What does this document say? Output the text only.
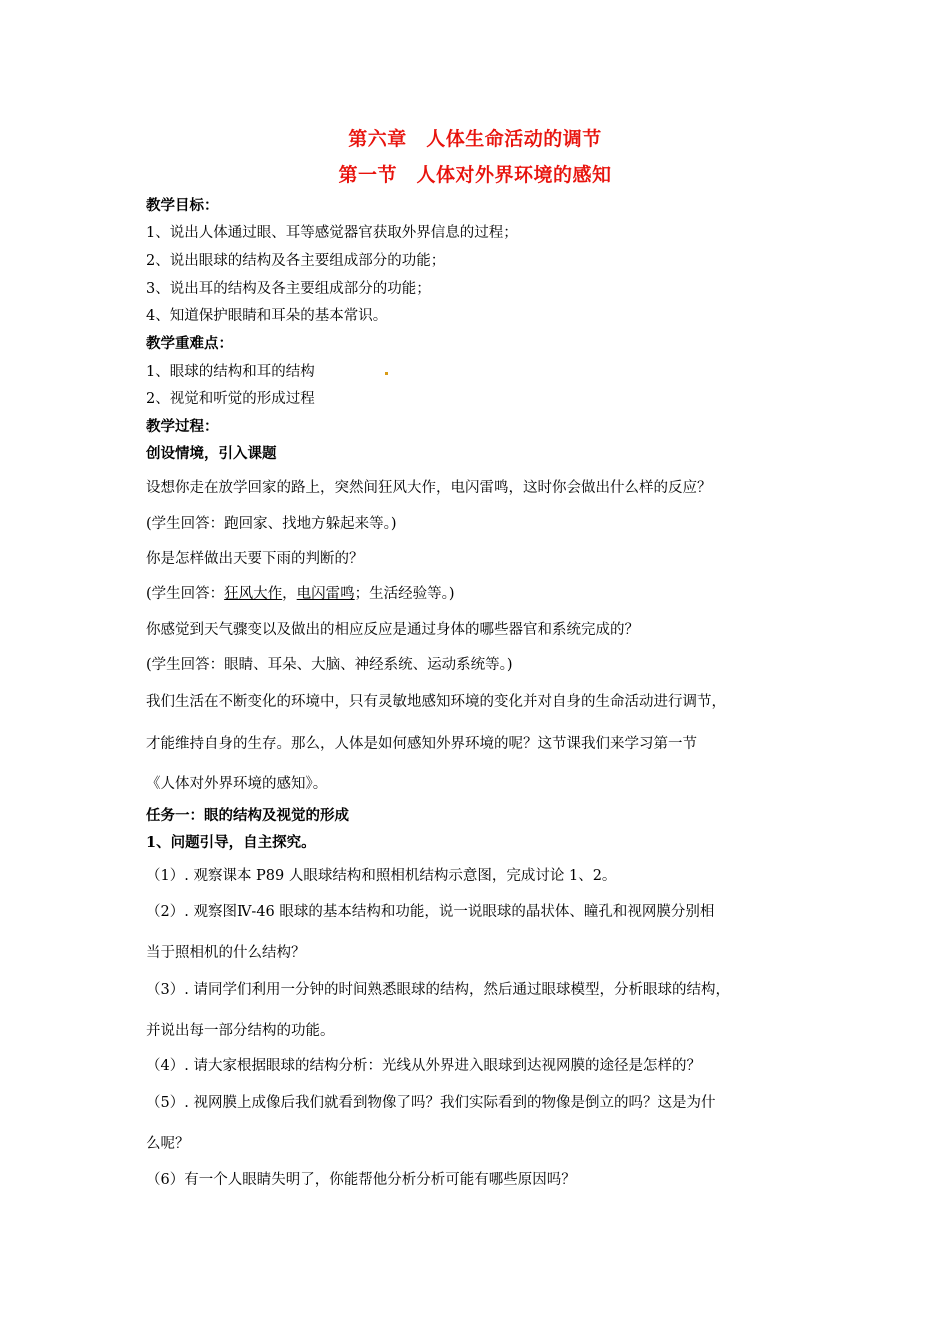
第六章　人体生命活动的调节
第一节　人体对外界环境的感知
教学目标：
1、说出人体通过眼、耳等感觉器官获取外界信息的过程；
2、说出眼球的结构及各主要组成部分的功能；
3、说出耳的结构及各主要组成部分的功能；
4、知道保护眼睛和耳朵的基本常识。
教学重难点：
1、眼球的结构和耳的结构
2、视觉和听觉的形成过程
教学过程：
创设情境，引入课题
设想你走在放学回家的路上，突然间狂风大作，电闪雷鸣，这时你会做出什么样的反应？
(学生回答：跑回家、找地方躲起来等。)
你是怎样做出天要下雨的判断的？
(学生回答：狂风大作，电闪雷鸣；生活经验等。)
你感觉到天气骤变以及做出的相应反应是通过身体的哪些器官和系统完成的？
(学生回答：眼睛、耳朵、大脑、神经系统、运动系统等。)
我们生活在不断变化的环境中，只有灵敏地感知环境的变化并对自身的生命活动进行调节，
才能维持自身的生存。那么，人体是如何感知外界环境的呢？这节课我们来学习第一节
《人体对外界环境的感知》。
任务一：眼的结构及视觉的形成
1、问题引导，自主探究。
（1）. 观察课本 P89 人眼球结构和照相机结构示意图，完成讨论 1、2。
（2）. 观察图Ⅳ-46 眼球的基本结构和功能，说一说眼球的晶状体、瞳孔和视网膜分别相
当于照相机的什么结构？
（3）. 请同学们利用一分钟的时间熟悉眼球的结构，然后通过眼球模型，分析眼球的结构，
并说出每一部分结构的功能。
（4）. 请大家根据眼球的结构分析：光线从外界进入眼球到达视网膜的途径是怎样的？
（5）. 视网膜上成像后我们就看到物像了吗？我们实际看到的物像是倒立的吗？这是为什
么呢？
（6）有一个人眼睛失明了，你能帮他分析分析可能有哪些原因吗？
